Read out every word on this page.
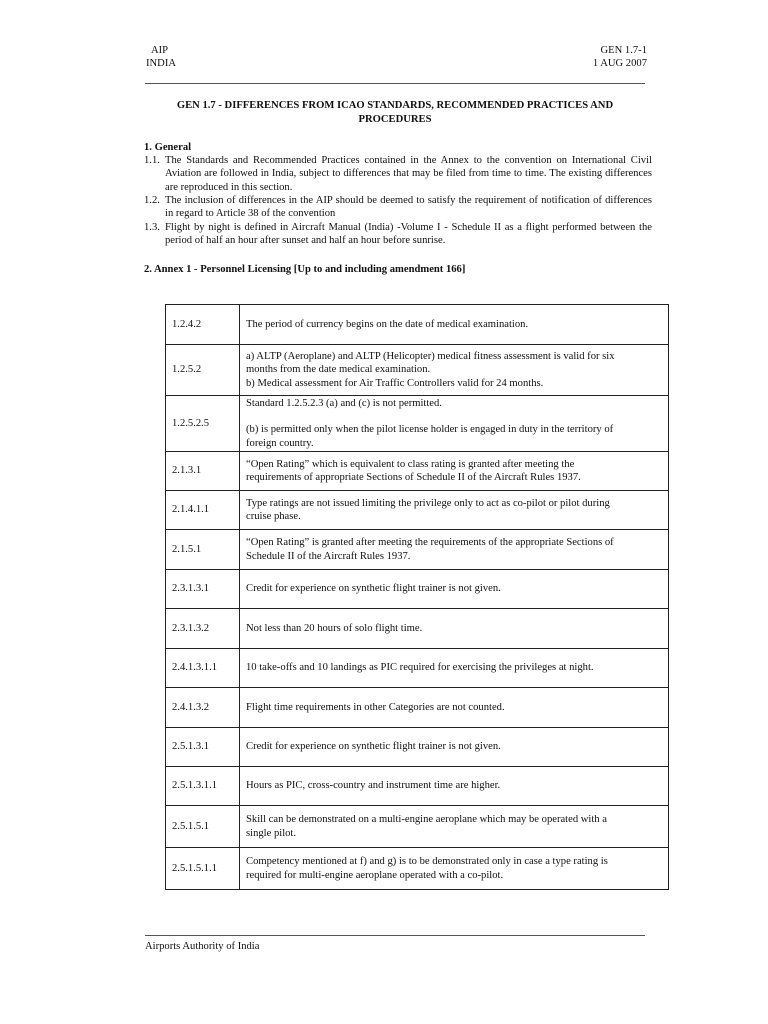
AIP
INDIA
GEN 1.7-1
1 AUG 2007
GEN 1.7 - DIFFERENCES FROM ICAO STANDARDS, RECOMMENDED PRACTICES AND PROCEDURES
1. General
1.1. The Standards and Recommended Practices contained in the Annex to the convention on International Civil Aviation are followed in India, subject to differences that may be filed from time to time. The existing differences are reproduced in this section.
1.2. The inclusion of differences in the AIP should be deemed to satisfy the requirement of notification of differences in regard to Article 38 of the convention
1.3. Flight by night is defined in Aircraft Manual (India) -Volume I - Schedule II as a flight performed between the period of half an hour after sunset and half an hour before sunrise.
2. Annex 1 - Personnel Licensing [Up to and including amendment 166]
1.2.4.2	The period of currency begins on the date of medical examination.

1.2.5.2	a) ALTP (Aeroplane) and ALTP (Helicopter) medical fitness assessment is valid for six
months from the date medical examination.
b) Medical assessment for Air Traffic Controllers valid for 24 months.

1.2.5.2.5	Standard 1.2.5.2.3 (a) and (c) is not permitted.
(b) is permitted only when the pilot license holder is engaged in duty in the territory of
foreign country.

2.1.3.1	“Open Rating” which is equivalent to class rating is granted after meeting the
requirements of appropriate Sections of Schedule II of the Aircraft Rules 1937.

2.1.4.1.1	Type ratings are not issued limiting the privilege only to act as co-pilot or pilot during
cruise phase.

2.1.5.1	“Open Rating” is granted after meeting the requirements of the appropriate Sections of
Schedule II of the Aircraft Rules 1937.

2.3.1.3.1	Credit for experience on synthetic flight trainer is not given.

2.3.1.3.2	Not less than 20 hours of solo flight time.

2.4.1.3.1.1	10 take-offs and 10 landings as PIC required for exercising the privileges at night.

2.4.1.3.2	Flight time requirements in other Categories are not counted.

2.5.1.3.1	Credit for experience on synthetic flight trainer is not given.

2.5.1.3.1.1	Hours as PIC, cross-country and instrument time are higher.

2.5.1.5.1	Skill can be demonstrated on a multi-engine aeroplane which may be operated with a
single pilot.

2.5.1.5.1.1	Competency mentioned at f) and g) is to be demonstrated only in case a type rating is
required for multi-engine aeroplane operated with a co-pilot.
Airports Authority of India
